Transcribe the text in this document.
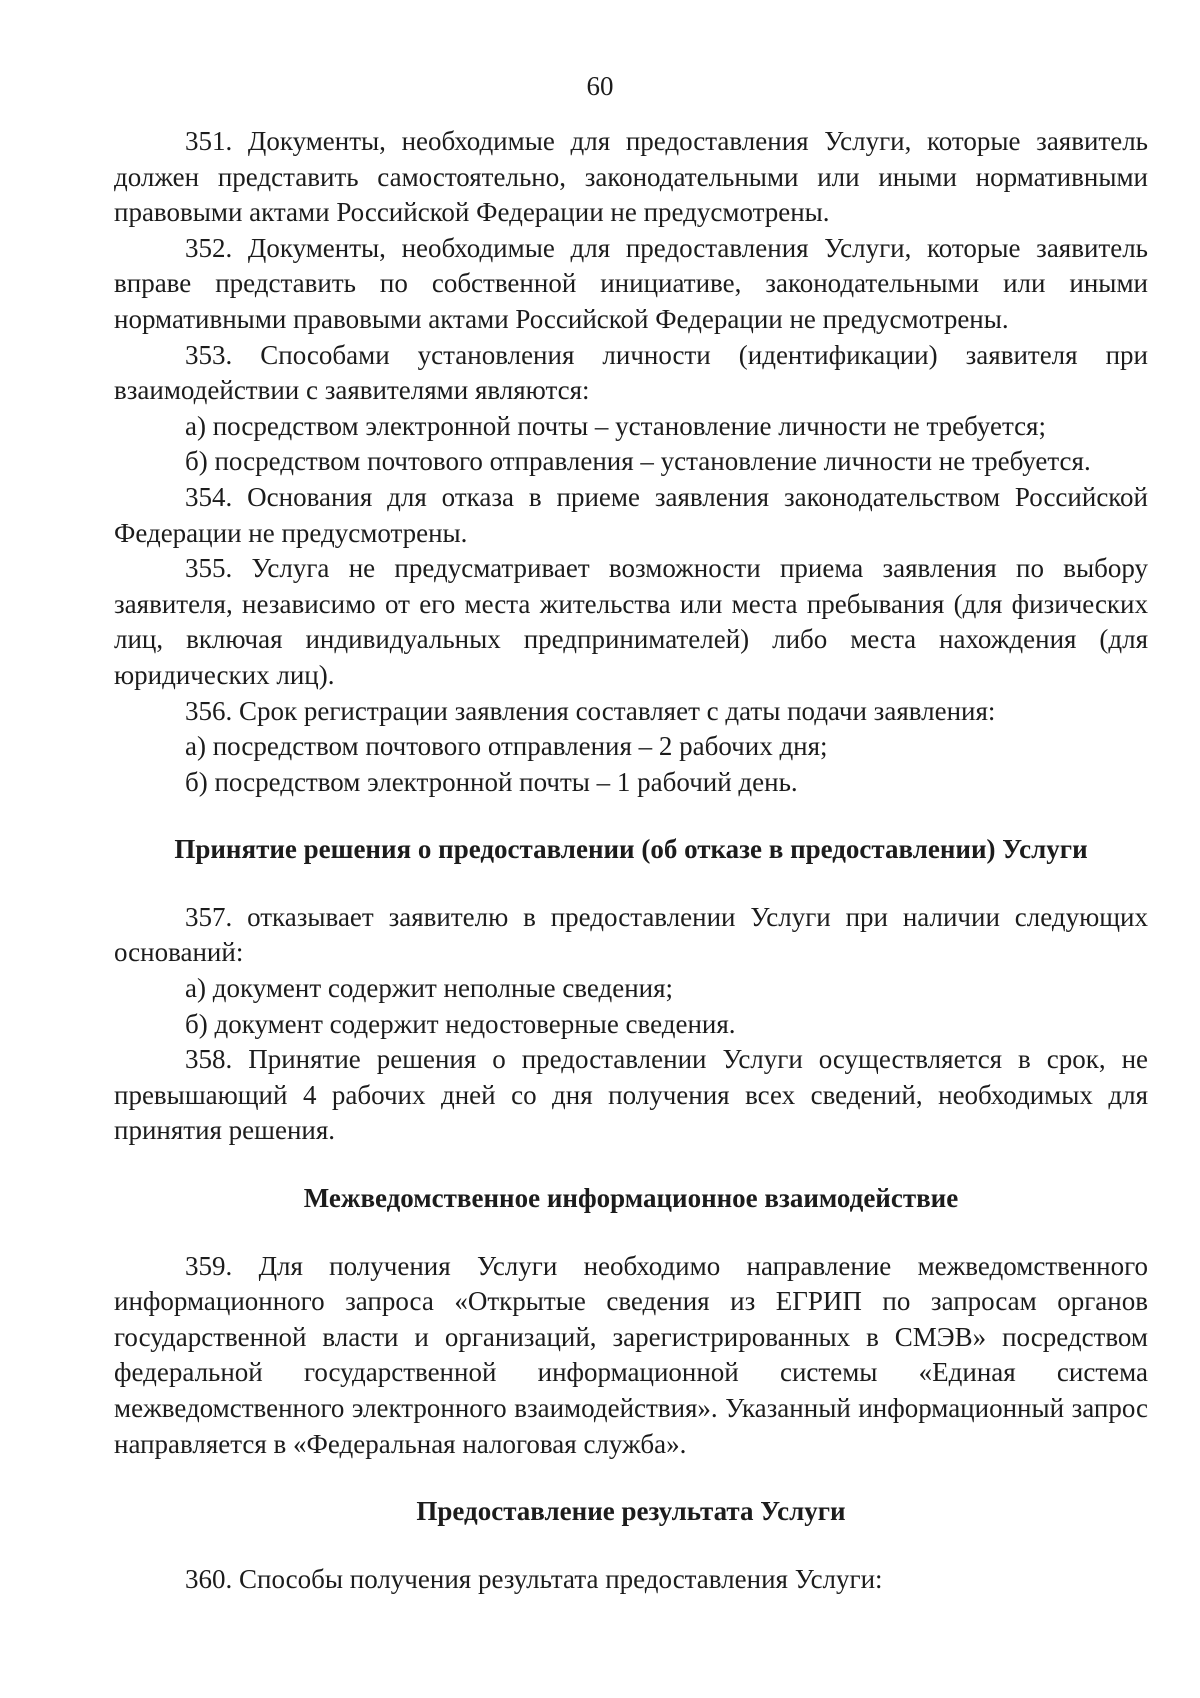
60

351. Документы, необходимые для предоставления Услуги, которые заявитель должен представить самостоятельно, законодательными или иными нормативными правовыми актами Российской Федерации не предусмотрены.

352. Документы, необходимые для предоставления Услуги, которые заявитель вправе представить по собственной инициативе, законодательными или иными нормативными правовыми актами Российской Федерации не предусмотрены.

353. Способами установления личности (идентификации) заявителя при взаимодействии с заявителями являются:

а) посредством электронной почты – установление личности не требуется;

б) посредством почтового отправления – установление личности не требуется.

354. Основания для отказа в приеме заявления законодательством Российской Федерации не предусмотрены.

355. Услуга не предусматривает возможности приема заявления по выбору заявителя, независимо от его места жительства или места пребывания (для физических лиц, включая индивидуальных предпринимателей) либо места нахождения (для юридических лиц).

356. Срок регистрации заявления составляет с даты подачи заявления:

а) посредством почтового отправления – 2 рабочих дня;

б) посредством электронной почты – 1 рабочий день.

Принятие решения о предоставлении (об отказе в предоставлении) Услуги

357. отказывает заявителю в предоставлении Услуги при наличии следующих оснований:

а) документ содержит неполные сведения;

б) документ содержит недостоверные сведения.

358. Принятие решения о предоставлении Услуги осуществляется в срок, не превышающий 4 рабочих дней со дня получения всех сведений, необходимых для принятия решения.

Межведомственное информационное взаимодействие

359. Для получения Услуги необходимо направление межведомственного информационного запроса «Открытые сведения из ЕГРИП по запросам органов государственной власти и организаций, зарегистрированных в СМЭВ» посредством федеральной государственной информационной системы «Единая система межведомственного электронного взаимодействия». Указанный информационный запрос направляется в «Федеральная налоговая служба».

Предоставление результата Услуги

360. Способы получения результата предоставления Услуги:
